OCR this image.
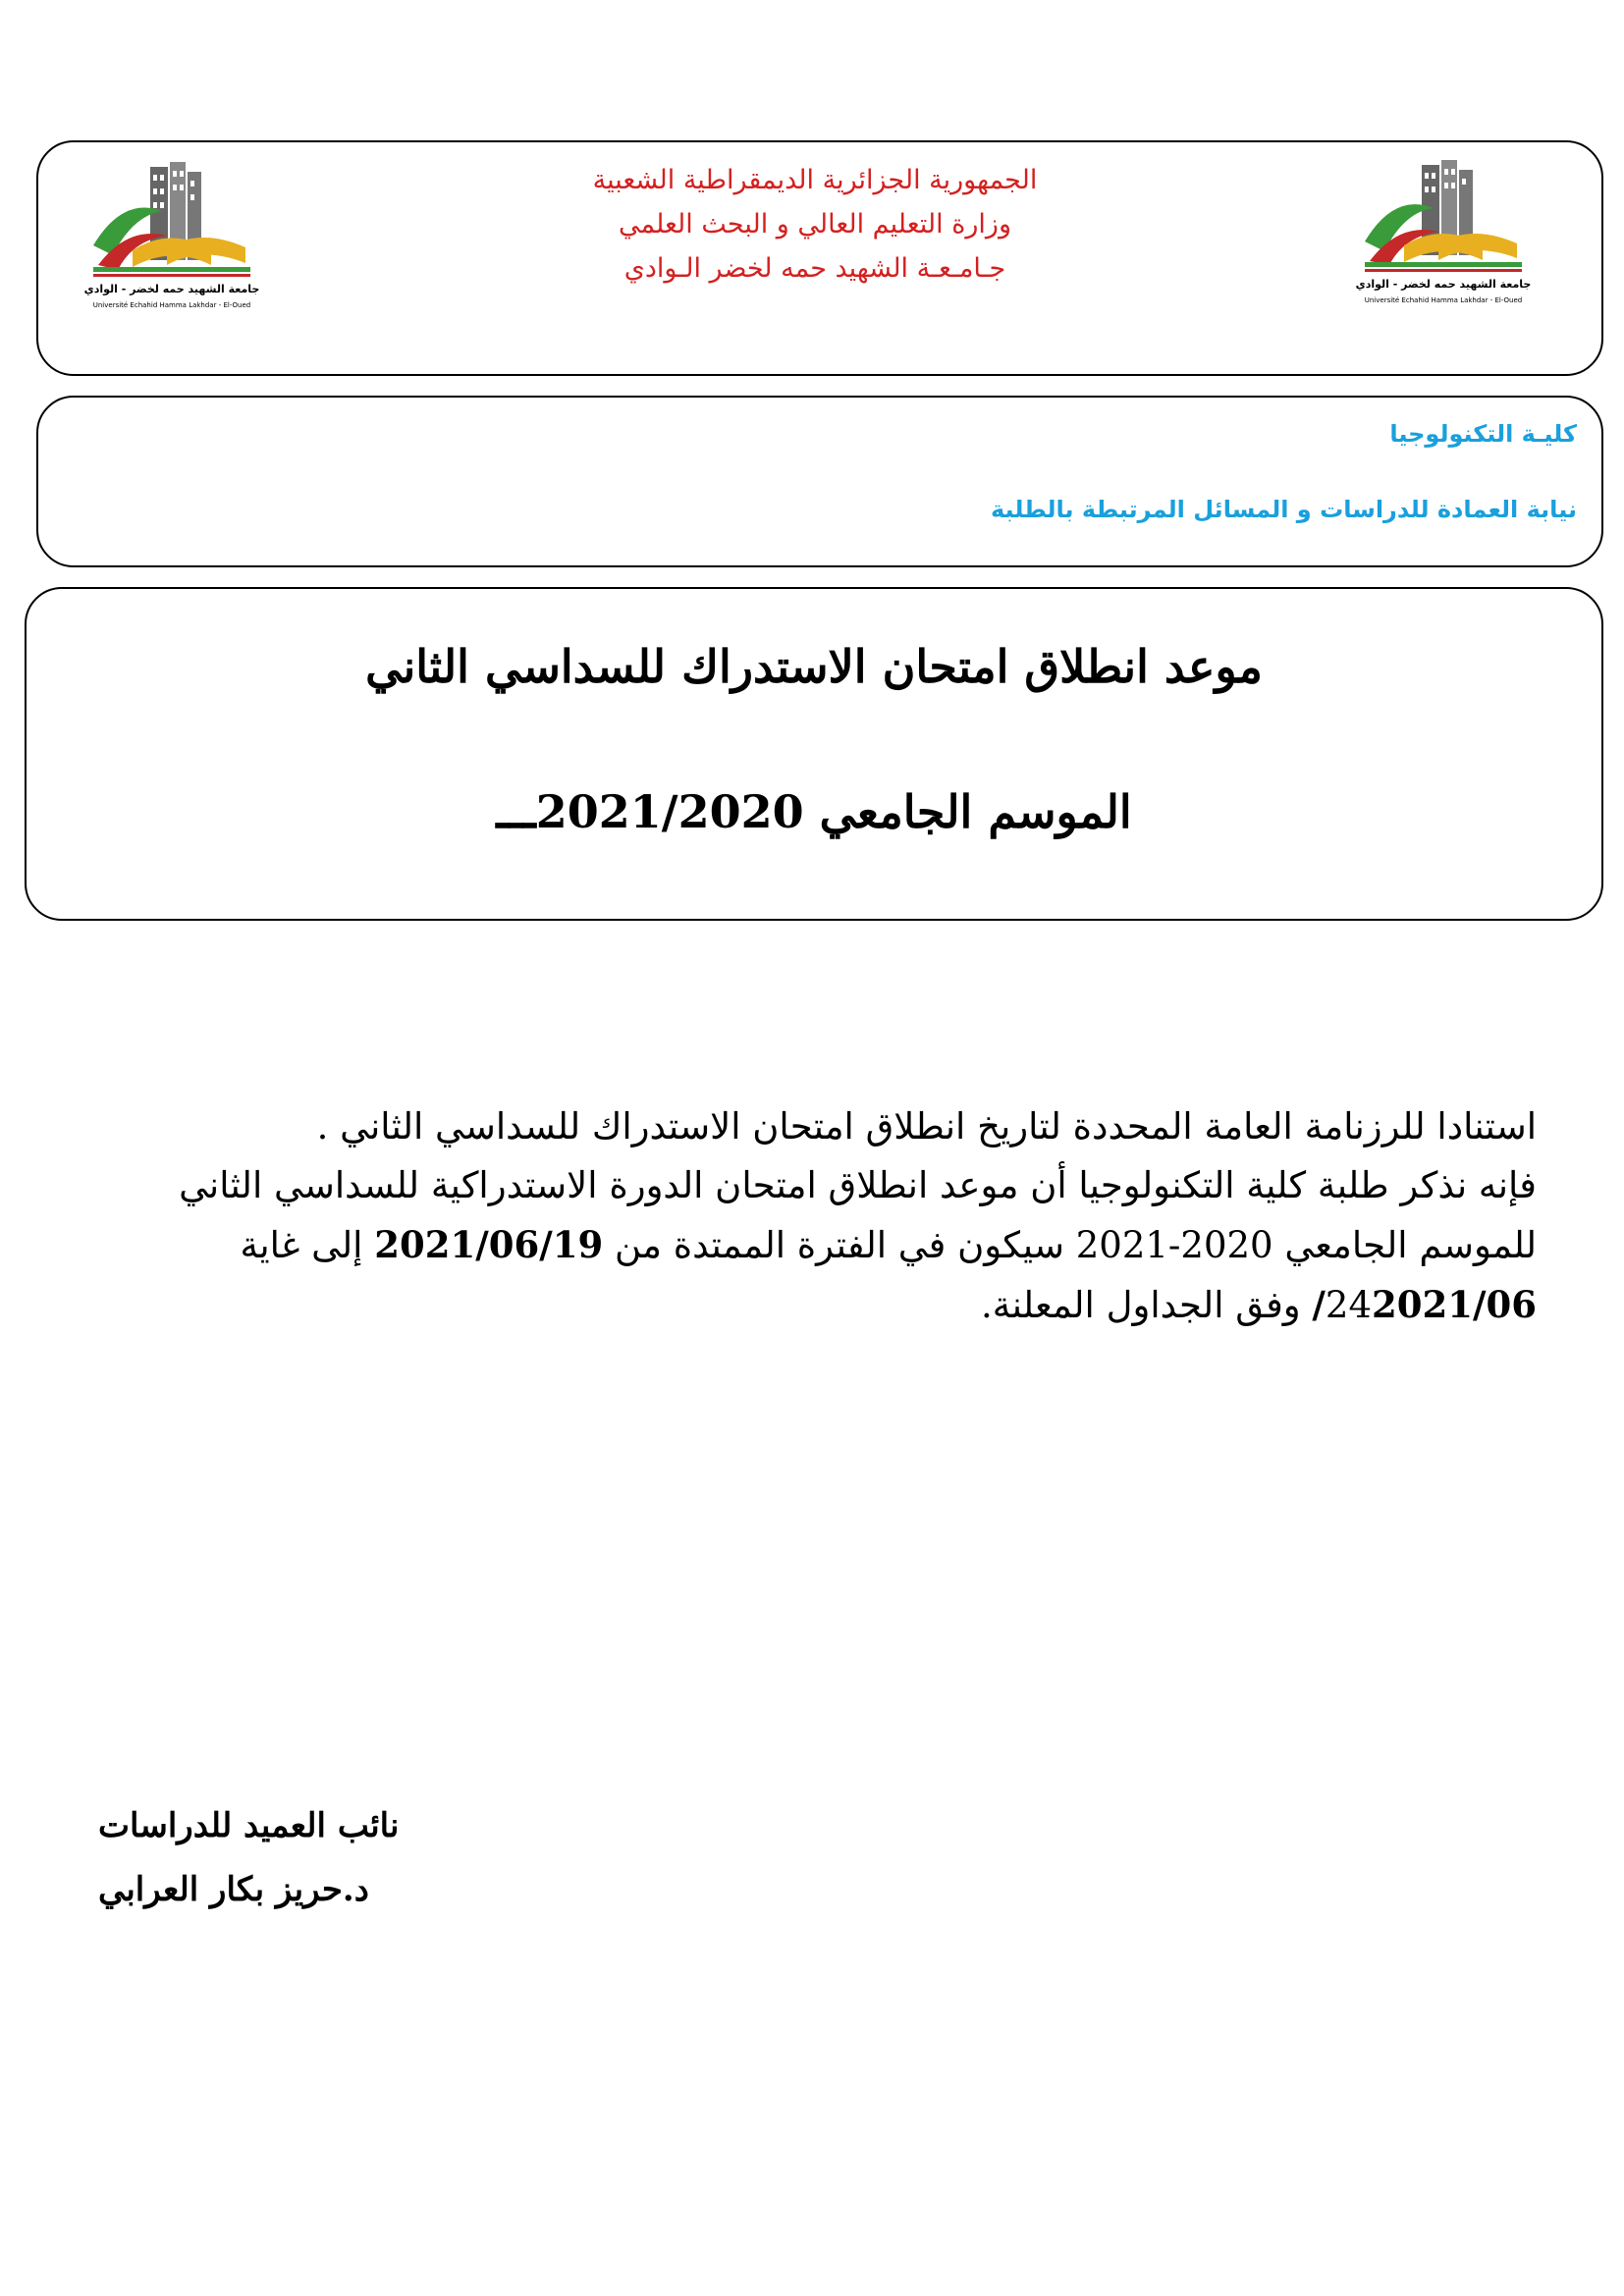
جامعة الشهيد حمه لخضر - الوادي
Université Echahid Hamma Lakhdar - El-Oued
جامعة الشهيد حمه لخضر - الوادي
Université Echahid Hamma Lakhdar - El-Oued
الجمهورية الجزائرية الديمقراطية الشعبية
وزارة التعليم العالي و البحث العلمي
جـامـعـة الشهيد حمه لخضر الـوادي
كليـة التكنولوجيا
نيابة العمادة للدراسات و المسائل المرتبطة بالطلبة
موعد انطلاق امتحان الاستدراك للسداسي الثاني
الموسم الجامعي 2021/2020ـــ
استنادا للرزنامة العامة المحددة لتاريخ انطلاق امتحان الاستدراك للسداسي الثاني .
فإنه نذكر طلبة كلية التكنولوجيا أن موعد انطلاق امتحان الدورة الاستدراكية للسداسي الثاني للموسم الجامعي 2020-2021 سيكون في الفترة الممتدة من 2021/06/19 إلى غاية 242021/06/ وفق الجداول المعلنة.
نائب العميد للدراسات
د.حريز بكار العرابي
